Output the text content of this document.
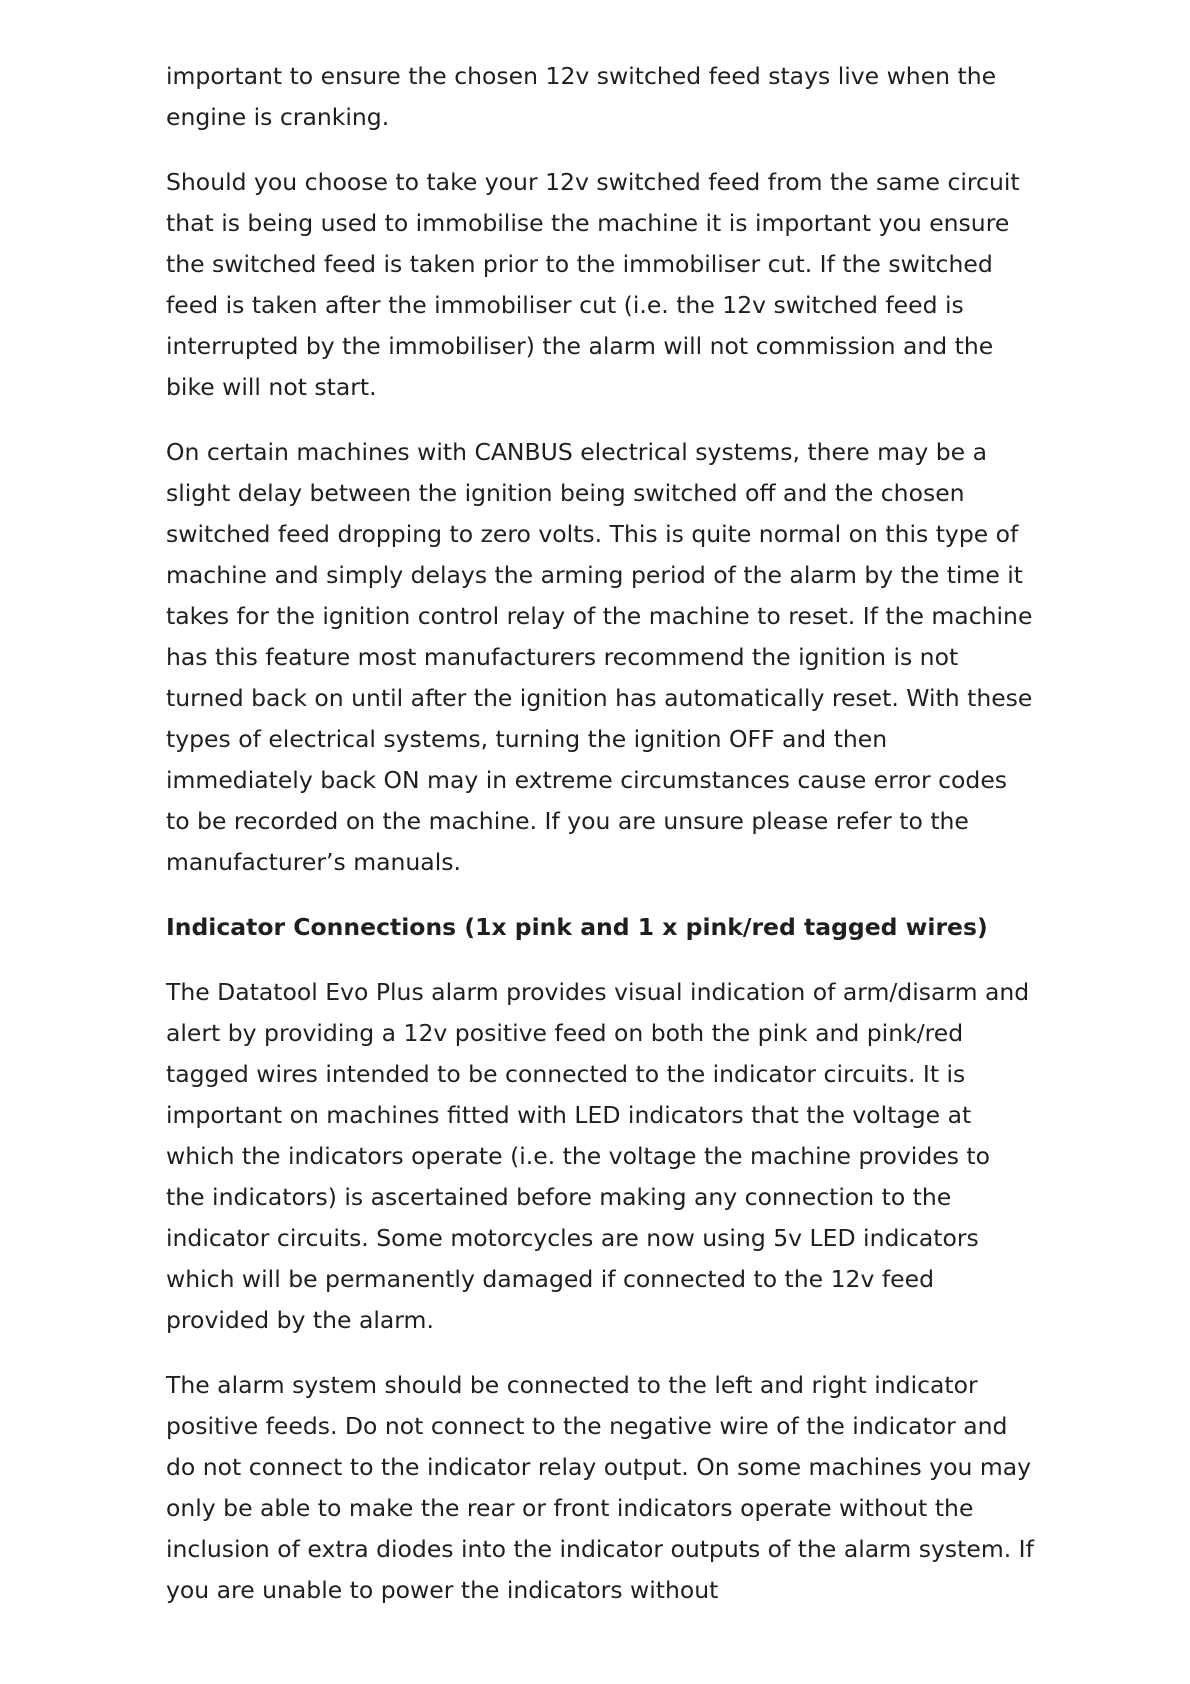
important to ensure the chosen 12v switched feed stays live when the engine is cranking.

Should you choose to take your 12v switched feed from the same circuit that is being used to immobilise the machine it is important you ensure the switched feed is taken prior to the immobiliser cut. If the switched feed is taken after the immobiliser cut (i.e. the 12v switched feed is interrupted by the immobiliser) the alarm will not commission and the bike will not start.

On certain machines with CANBUS electrical systems, there may be a slight delay between the ignition being switched off and the chosen switched feed dropping to zero volts. This is quite normal on this type of machine and simply delays the arming period of the alarm by the time it takes for the ignition control relay of the machine to reset. If the machine has this feature most manufacturers recommend the ignition is not turned back on until after the ignition has automatically reset. With these types of electrical systems, turning the ignition OFF and then immediately back ON may in extreme circumstances cause error codes to be recorded on the machine. If you are unsure please refer to the manufacturer’s manuals.

Indicator Connections (1x pink and 1 x pink/red tagged wires)

The Datatool Evo Plus alarm provides visual indication of arm/disarm and alert by providing a 12v positive feed on both the pink and pink/red tagged wires intended to be connected to the indicator circuits. It is important on machines fitted with LED indicators that the voltage at which the indicators operate (i.e. the voltage the machine provides to the indicators) is ascertained before making any connection to the indicator circuits. Some motorcycles are now using 5v LED indicators which will be permanently damaged if connected to the 12v feed provided by the alarm.

The alarm system should be connected to the left and right indicator positive feeds. Do not connect to the negative wire of the indicator and do not connect to the indicator relay output. On some machines you may only be able to make the rear or front indicators operate without the inclusion of extra diodes into the indicator outputs of the alarm system. If you are unable to power the indicators without
